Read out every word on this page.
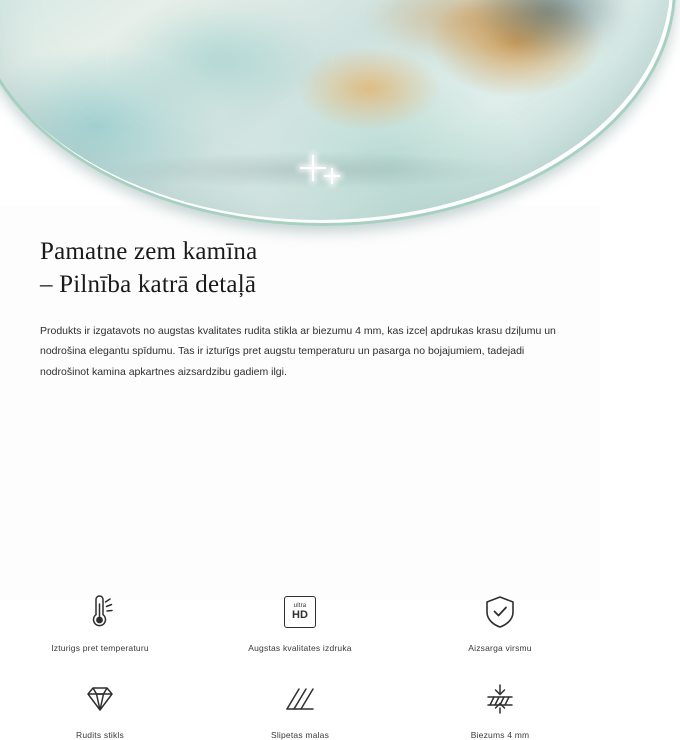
Pamatne zem kamīna
– Pilnība katrā detaļā

Produkts ir izgatavots no augstas kvalitates rudita stikla ar biezumu 4 mm, kas izceļ apdrukas krasu dziļumu un nodrošina elegantu spīdumu. Tas ir izturīgs pret augstu temperaturu un pasarga no bojajumiem, tadejadi nodrošinot kamina apkartnes aizsardzibu gadiem ilgi.

Izturigs pret temperaturu
ultra
HD
Augstas kvalitates izdruka	Aizsarga virsmu
Rudits stikls	Slipetas malas	Biezums 4 mm
